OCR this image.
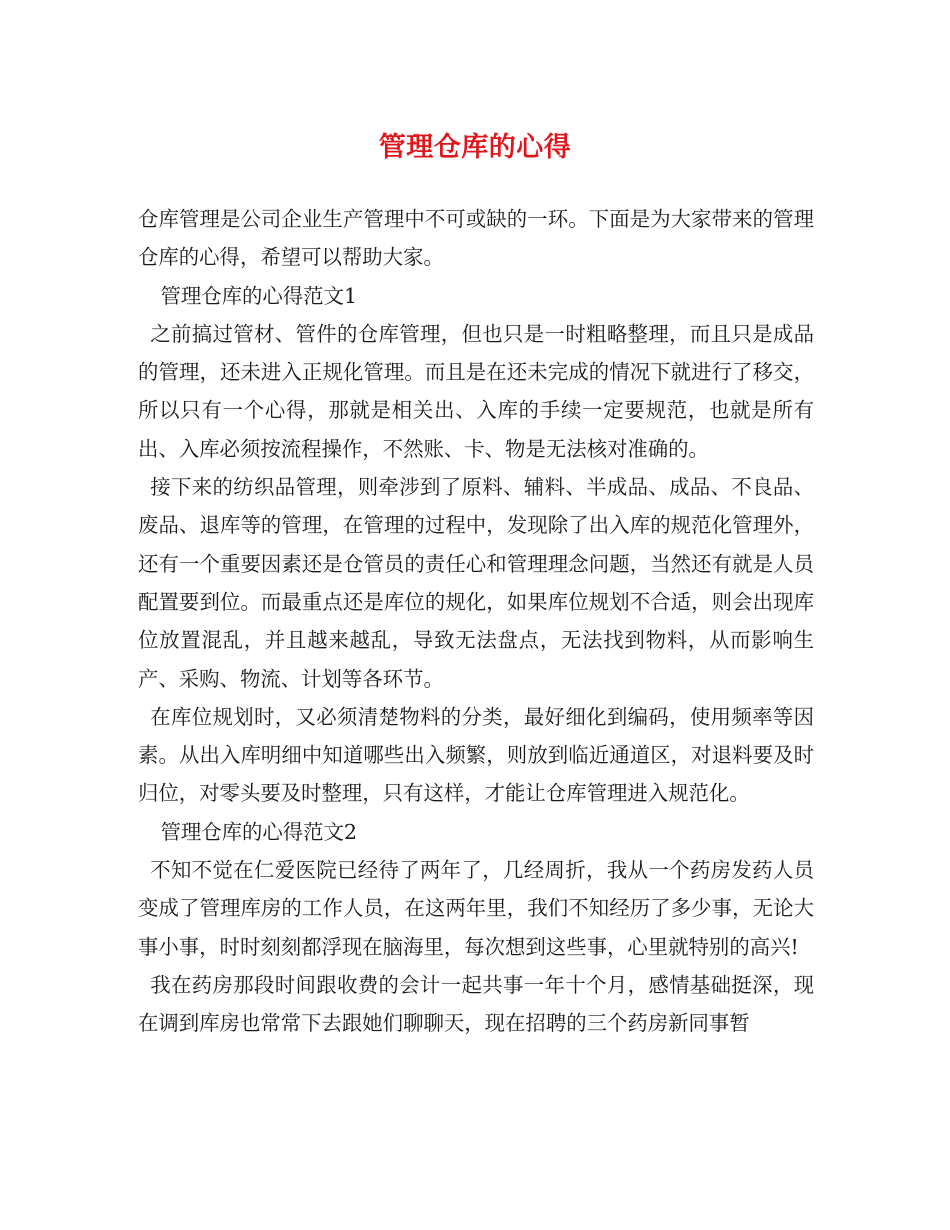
管理仓库的心得

仓库管理是公司企业生产管理中不可或缺的一环。下面是为大家带来的管理仓库的心得，希望可以帮助大家。

管理仓库的心得范文1

之前搞过管材、管件的仓库管理，但也只是一时粗略整理，而且只是成品的管理，还未进入正规化管理。而且是在还未完成的情况下就进行了移交，所以只有一个心得，那就是相关出、入库的手续一定要规范，也就是所有出、入库必须按流程操作，不然账、卡、物是无法核对准确的。

接下来的纺织品管理，则牵涉到了原料、辅料、半成品、成品、不良品、废品、退库等的管理，在管理的过程中，发现除了出入库的规范化管理外，还有一个重要因素还是仓管员的责任心和管理理念问题，当然还有就是人员配置要到位。而最重点还是库位的规化，如果库位规划不合适，则会出现库位放置混乱，并且越来越乱，导致无法盘点，无法找到物料，从而影响生产、采购、物流、计划等各环节。

在库位规划时，又必须清楚物料的分类，最好细化到编码，使用频率等因素。从出入库明细中知道哪些出入频繁，则放到临近通道区，对退料要及时归位，对零头要及时整理，只有这样，才能让仓库管理进入规范化。

管理仓库的心得范文2

不知不觉在仁爱医院已经待了两年了，几经周折，我从一个药房发药人员变成了管理库房的工作人员，在这两年里，我们不知经历了多少事，无论大事小事，时时刻刻都浮现在脑海里，每次想到这些事，心里就特别的高兴!

我在药房那段时间跟收费的会计一起共事一年十个月，感情基础挺深，现在调到库房也常常下去跟她们聊聊天，现在招聘的三个药房新同事暂
